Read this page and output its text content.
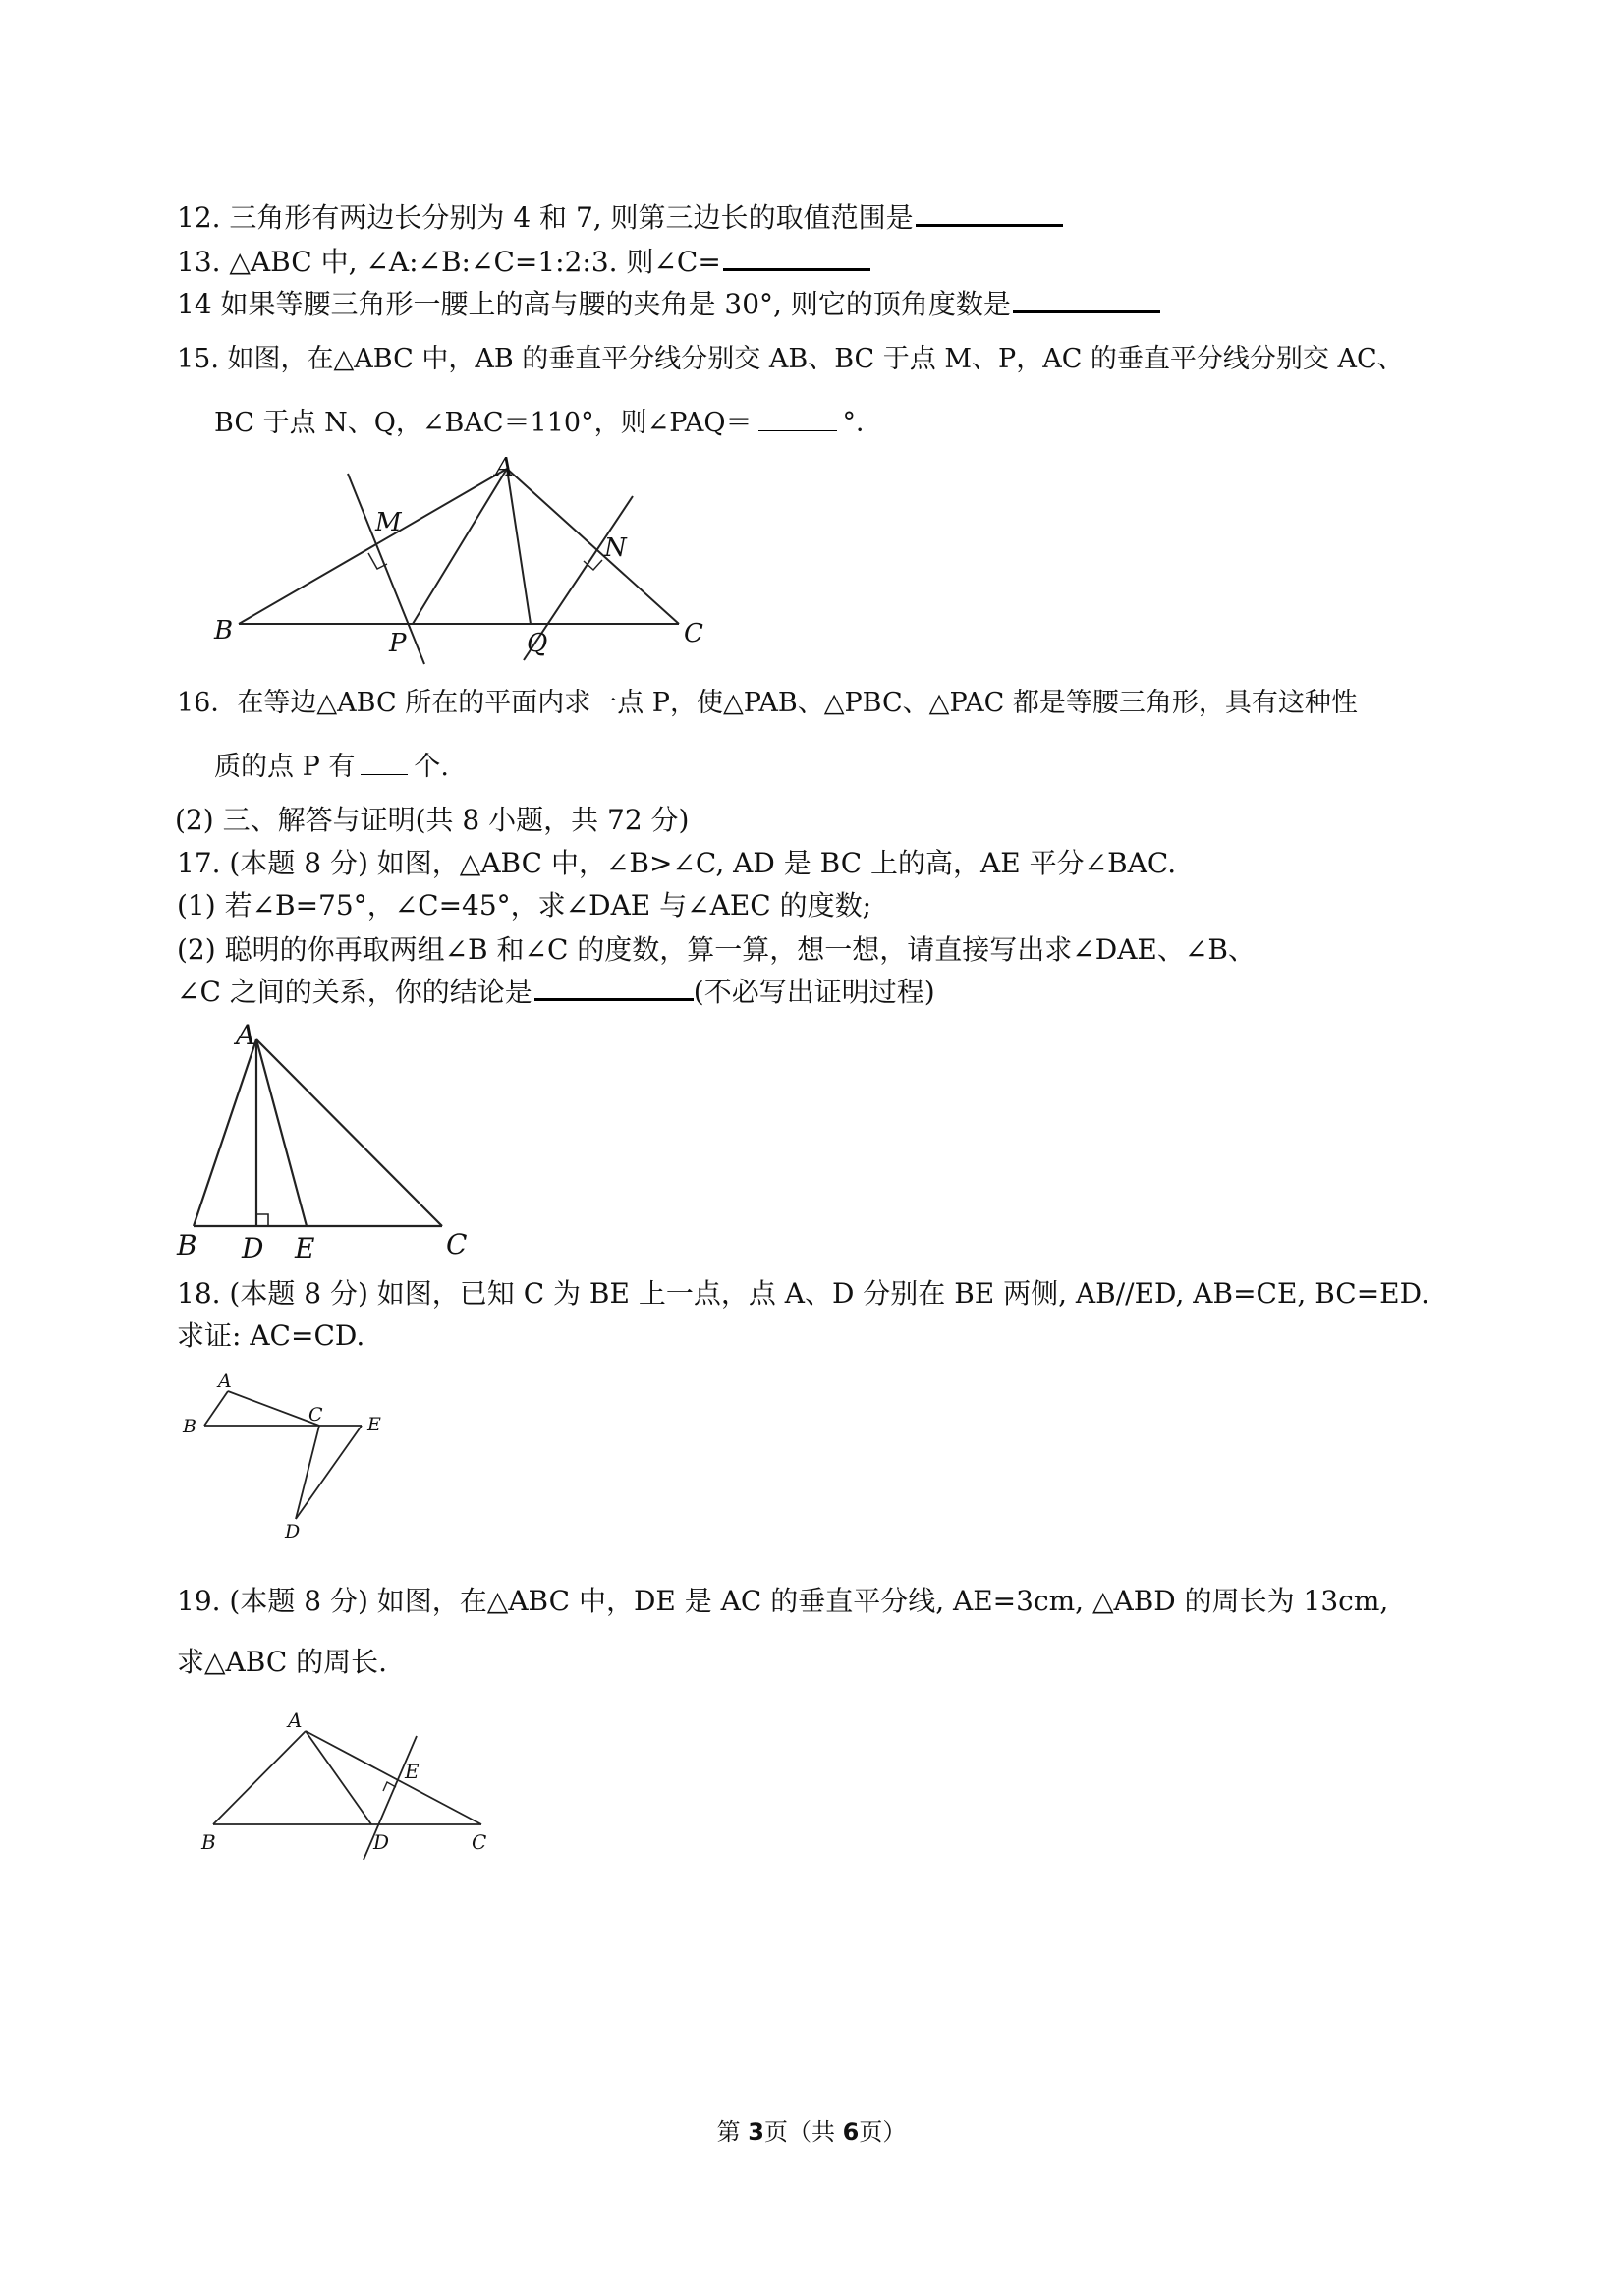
12. 三角形有两边长分别为 4 和 7, 则第三边长的取值范围是
13. △ABC 中, ∠A:∠B:∠C=1:2:3. 则∠C=
14 如果等腰三角形一腰上的高与腰的夹角是 30°, 则它的顶角度数是
15. 如图，在△ABC 中，AB 的垂直平分线分别交 AB、BC 于点 M、P，AC 的垂直平分线分别交 AC、
BC 于点 N、Q，∠BAC＝110°，则∠PAQ＝	°．
A
M
N
B	P	Q	C
16．在等边△ABC 所在的平面内求一点 P，使△PAB、△PBC、△PAC 都是等腰三角形，具有这种性
质的点 P 有 个.
(2) 三、解答与证明(共 8 小题，共 72 分)
17. (本题 8 分) 如图，△ABC 中，∠B>∠C, AD 是 BC 上的高，AE 平分∠BAC.
(1) 若∠B=75°，∠C=45°，求∠DAE 与∠AEC 的度数;
(2) 聪明的你再取两组∠B 和∠C 的度数，算一算，想一想，请直接写出求∠DAE、∠B、
∠C 之间的关系，你的结论是	(不必写出证明过程)
A
B D E	C
18. (本题 8 分) 如图，已知 C 为 BE 上一点，点 A、D 分别在 BE 两侧, AB//ED, AB=CE, BC=ED.
求证: AC=CD.
A
B
C E
D
19. (本题 8 分) 如图，在△ABC 中，DE 是 AC 的垂直平分线, AE=3cm, △ABD 的周长为 13cm,
求△ABC 的周长.
A
E
B	D	C
第 3页（共 6页）
